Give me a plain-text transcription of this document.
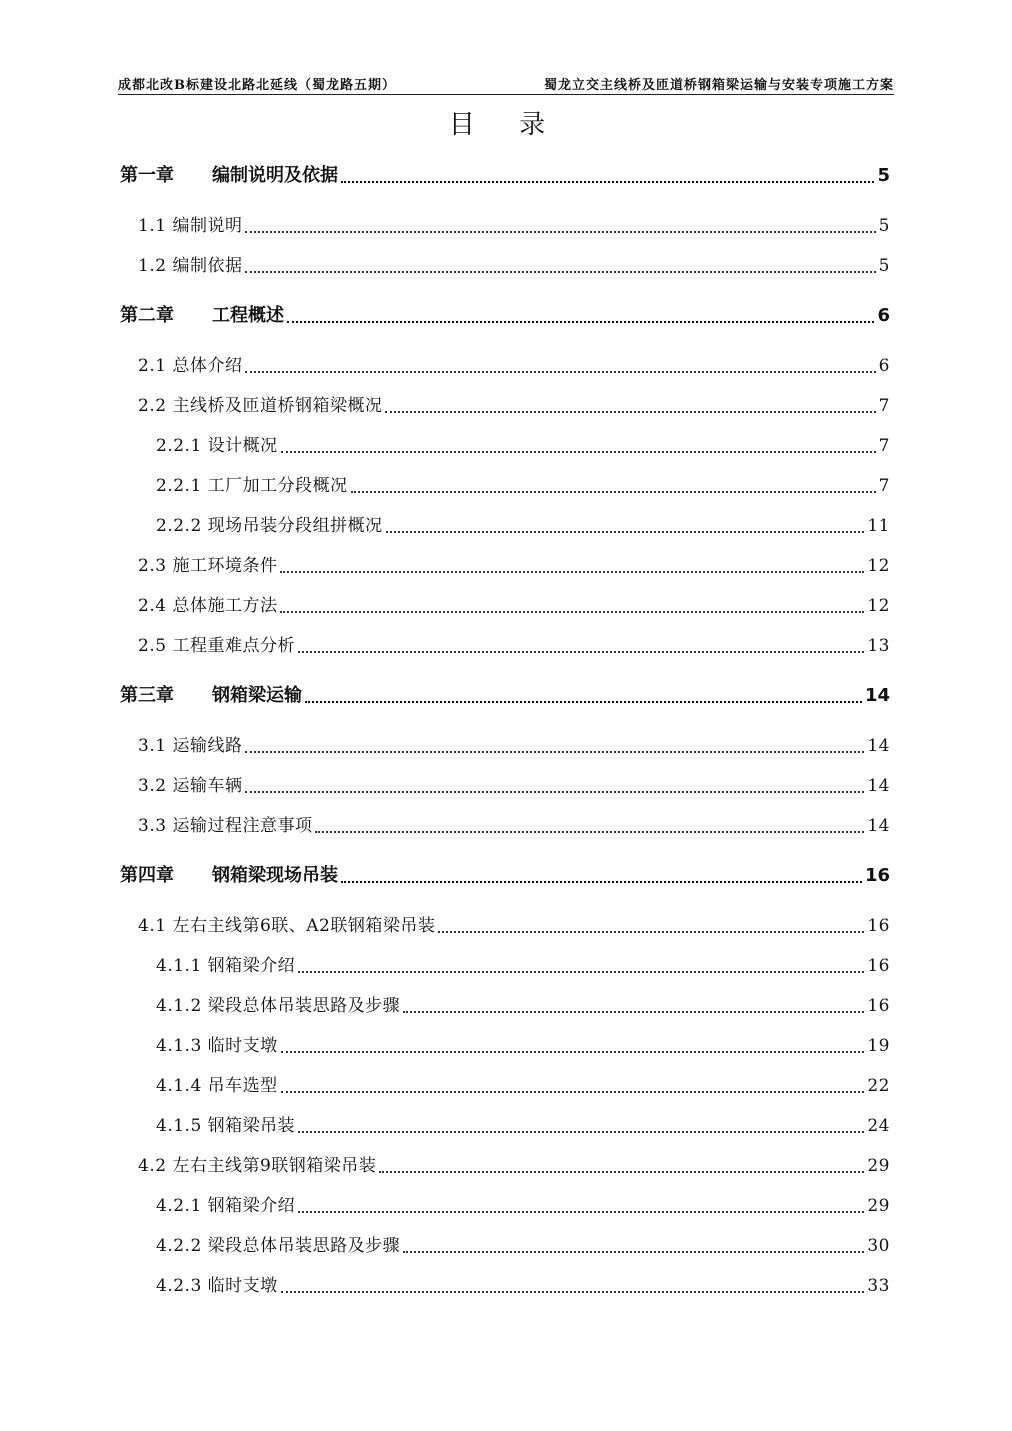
成都北改B标建设北路北延线（蜀龙路五期）	蜀龙立交主线桥及匝道桥钢箱梁运输与安装专项施工方案
目 录
第一章 编制说明及依据	5
1.1 编制说明	5
1.2 编制依据	5
第二章 工程概述	6
2.1 总体介绍	6
2.2 主线桥及匝道桥钢箱梁概况	7
2.2.1 设计概况	7
2.2.1 工厂加工分段概况	7
2.2.2 现场吊装分段组拼概况	11
2.3 施工环境条件	12
2.4 总体施工方法	12
2.5 工程重难点分析	13
第三章 钢箱梁运输	14
3.1 运输线路	14
3.2 运输车辆	14
3.3 运输过程注意事项	14
第四章 钢箱梁现场吊装	16
4.1 左右主线第6联、A2联钢箱梁吊装	16
4.1.1 钢箱梁介绍	16
4.1.2 梁段总体吊装思路及步骤	16
4.1.3 临时支墩	19
4.1.4 吊车选型	22
4.1.5 钢箱梁吊装	24
4.2 左右主线第9联钢箱梁吊装	29
4.2.1 钢箱梁介绍	29
4.2.2 梁段总体吊装思路及步骤	30
4.2.3 临时支墩	33
